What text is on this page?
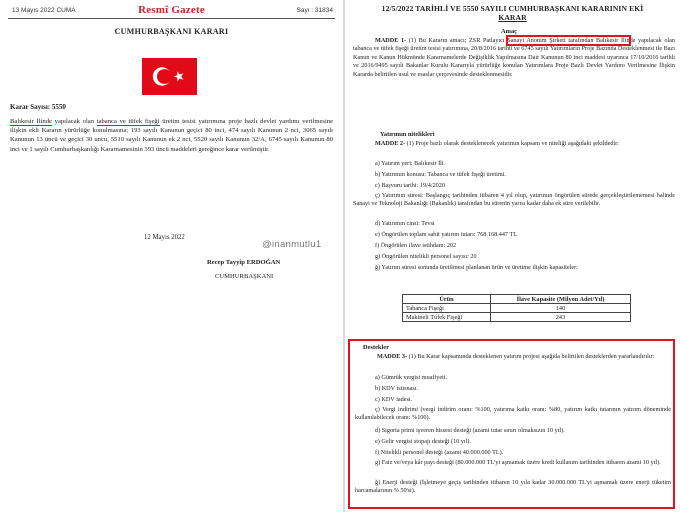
13 Mayıs 2022 CUMA	Resmî Gazete	Sayı : 31834
CUMHURBAŞKANI KARARI
Karar Sayısı: 5550
Balıkesir İlinde yapılacak olan tabanca ve tüfek fişeği üretim tesisi yatırımına proje bazlı devlet yardımı verilmesine ilişkin ekli Kararın yürürlüğe konulmasına; 193 sayılı Kanunun geçici 80 inci, 474 sayılı Kanunun 2 nci, 3065 sayılı Kanunun 13 üncü ve geçici 30 uncu, 5510 sayılı Kanunun ek 2 nci, 5520 sayılı Kanunun 32/A, 6745 sayılı Kanunun 80 inci ve 1 sayılı Cumhurbaşkanlığı Kararnamesinin 393 üncü maddeleri gereğince karar verilmiştir.
12 Mayıs 2022
@inanmutlu1
Recep Tayyip ERDOĞAN
CUMHURBAŞKANI
12/5/2022 TARİHLİ VE 5550 SAYILI CUMHURBAŞKANI KARARININ EKİ
KARAR
Amaç
MADDE 1- (1) Bu Kararın amacı; ZSR Patlayıcı Sanayi Anonim Şirketi tarafından Balıkesir İlinde yapılacak olan tabanca ve tüfek fişeği üretim tesisi yatırımına, 20/8/2016 tarihli ve 6745 sayılı Yatırımların Proje Bazında Desteklenmesi ile Bazı Kanun ve Kanun Hükmünde Kararnamelerde Değişiklik Yapılmasına Dair Kanunun 80 inci maddesi uyarınca 17/10/2016 tarihli ve 2016/9495 sayılı Bakanlar Kurulu Kararıyla yürürlüğe konulan Yatırımlara Proje Bazlı Devlet Yardımı Verilmesine İlişkin Kararda belirtilen usul ve esaslar çerçevesinde desteklenmesidir.
Yatırımın nitelikleri
MADDE 2- (1) Proje bazlı olarak desteklenecek yatırımın kapsam ve niteliği aşağıdaki şekildedir:
a) Yatırım yeri: Balıkesir İli.
b) Yatırımın konusu: Tabanca ve tüfek fişeği üretimi.
c) Başvuru tarihi: 19/4/2020
ç) Yatırımın süresi: Başlangıç tarihinden itibaren 4 yıl olup, yatırımın öngörülen sürede gerçekleştirilememesi halinde Sanayi ve Teknoloji Bakanlığı (Bakanlık) tarafından bu sürenin yarısı kadar daha ek süre verilebilir.
d) Yatırımın cinsi: Tevsi
e) Öngörülen toplam sabit yatırım tutarı: 768.168.447 TL
f) Öngörülen ilave istihdam: 202
g) Öngörülen nitelikli personel sayısı: 20
ğ) Yatırım süresi sonunda üretilmesi planlanan ürün ve üretime ilişkin kapasiteler:
Ürün	İlave Kapasite (Milyon Adet/Yıl)
Tabanca Fişeği	140
Makineli Tüfek Fişeği	243
Destekler
MADDE 3- (1) Bu Karar kapsamında desteklenen yatırım projesi aşağıda belirtilen desteklerden yararlandırılır:
a) Gümrük vergisi muafiyeti.
b) KDV istisnası.
c) KDV iadesi.
ç) Vergi indirimi (vergi indirim oranı: %100, yatırıma katkı oranı: %80, yatırım katkı tutarının yatırım döneminde kullanılabilecek oranı: %100).
d) Sigorta primi işveren hissesi desteği (azami tutar sınırı olmaksızın 10 yıl).
e) Gelir vergisi stopajı desteği (10 yıl).
f) Nitelikli personel desteği (azami 40.000.000 TL).
g) Faiz ve/veya kâr payı desteği (80.000.000 TL'yi aşmamak üzere kredi kullanım tarihinden itibaren azami 10 yıl).
ğ) Enerji desteği (İşletmeye geçiş tarihinden itibaren 10 yıla kadar 30.000.000 TL'yi aşmamak üzere enerji tüketim harcamalarının % 50'si).
